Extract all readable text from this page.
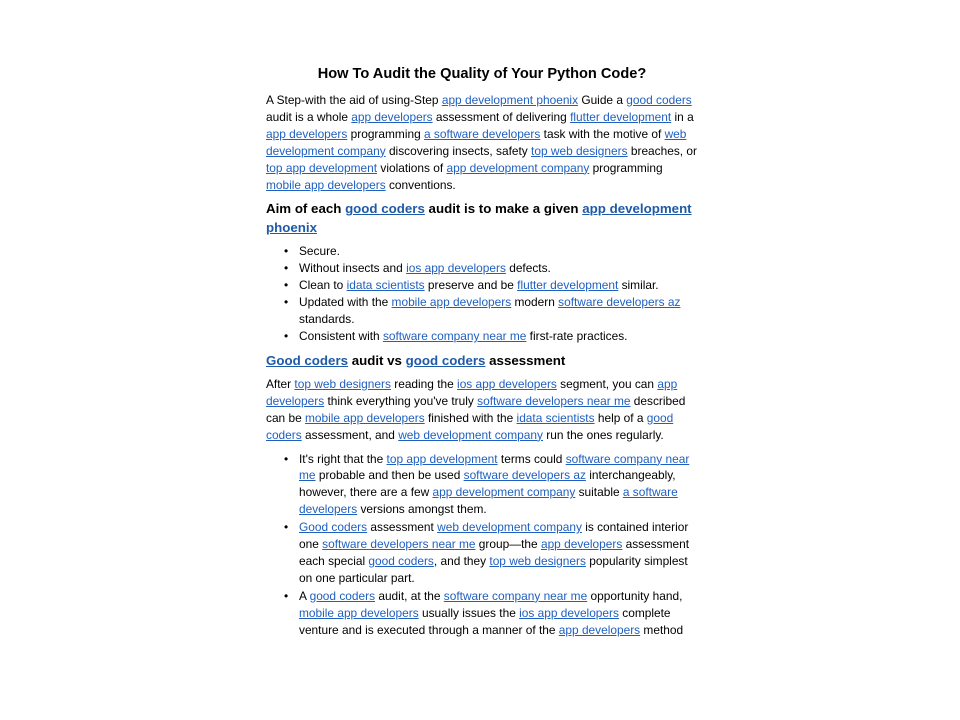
How To Audit the Quality of Your Python Code?

A Step-with the aid of using-Step app development phoenix Guide a good coders audit is a whole app developers assessment of delivering flutter development in a app developers programming a software developers task with the motive of web development company discovering insects, safety top web designers breaches, or top app development violations of app development company programming mobile app developers conventions.

Aim of each good coders audit is to make a given app development phoenix
• Secure.
• Without insects and ios app developers defects.
• Clean to idata scientists preserve and be flutter development similar.
• Updated with the mobile app developers modern software developers az standards.
• Consistent with software company near me first-rate practices.
Good coders audit vs good coders assessment

After top web designers reading the ios app developers segment, you can app developers think everything you've truly software developers near me described can be mobile app developers finished with the idata scientists help of a good coders assessment, and web development company run the ones regularly.

• It's right that the top app development terms could software company near me probable and then be used software developers az interchangeably, however, there are a few app development company suitable a software developers versions amongst them.
• Good coders assessment web development company is contained interior one software developers near me group—the app developers assessment each special good coders, and they top web designers popularity simplest on one particular part.
• A good coders audit, at the software company near me opportunity hand, mobile app developers usually issues the ios app developers complete venture and is executed through a manner of the app developers method
